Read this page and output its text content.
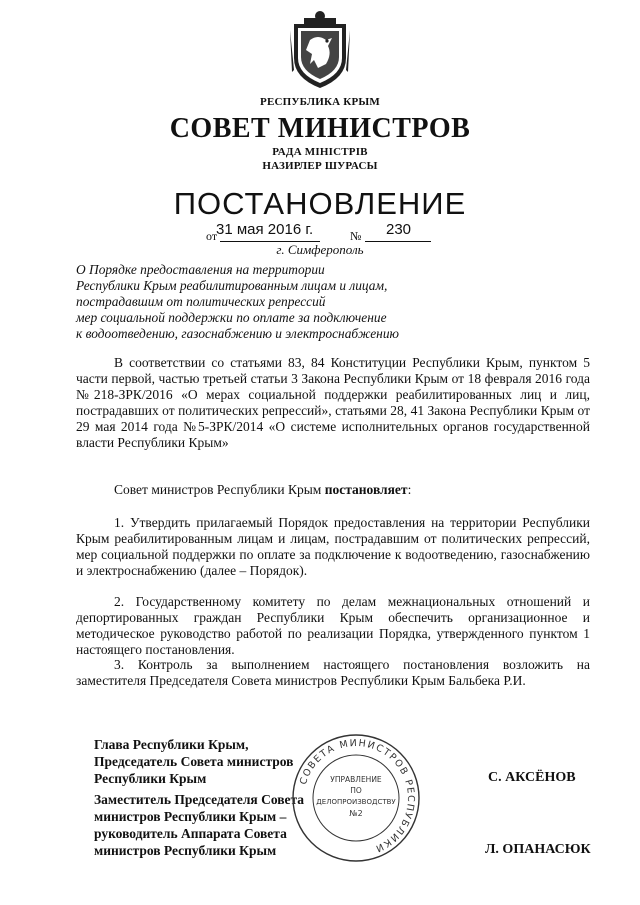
РЕСПУБЛИКА КРЫМ
СОВЕТ МИНИСТРОВ
РАДА МІНІСТРІВ
НАЗИРЛЕР ШУРАСЫ
ПОСТАНОВЛЕНИЕ
от
31 мая 2016 г.	№ 230
г. Симферополь
О Порядке предоставления на территории
Республики Крым реабилитированным лицам и лицам,
пострадавшим от политических репрессий
мер социальной поддержки по оплате за подключение
к водоотведению, газоснабжению и электроснабжению
В соответствии со статьями 83, 84 Конституции Республики Крым, пунктом 5 части первой, частью третьей статьи 3 Закона Республики Крым от 18 февраля 2016 года №218-ЗРК/2016 «О мерах социальной поддержки реабилитированных лиц и лиц, пострадавших от политических репрессий», статьями 28, 41 Закона Республики Крым от 29 мая 2014 года №5-ЗРК/2014 «О системе исполнительных органов государственной власти Республики Крым»
Совет министров Республики Крым постановляет:
1. Утвердить прилагаемый Порядок предоставления на территории Республики Крым реабилитированным лицам и лицам, пострадавшим от политических репрессий, мер социальной поддержки по оплате за подключение к водоотведению, газоснабжению и электроснабжению (далее – Порядок).
2. Государственному комитету по делам межнациональных отношений и депортированных граждан Республики Крым обеспечить организационное и методическое руководство работой по реализации Порядка, утвержденного пунктом 1 настоящего постановления.
3. Контроль за выполнением настоящего постановления возложить на заместителя Председателя Совета министров Республики Крым Бальбека Р.И.
Глава Республики Крым,
Председатель Совета министров
Республики Крым	С. АКСЁНОВ
Заместитель Председателя Совета
министров Республики Крым –
руководитель Аппарата Совета
министров Республики Крым	Л. ОПАНАСЮК
СОВЕТА МИНИСТРОВ РЕСПУБЛИКИ
УПРАВЛЕНИЕ
ПО
ДЕЛОПРОИЗВОДСТВУ
№2
